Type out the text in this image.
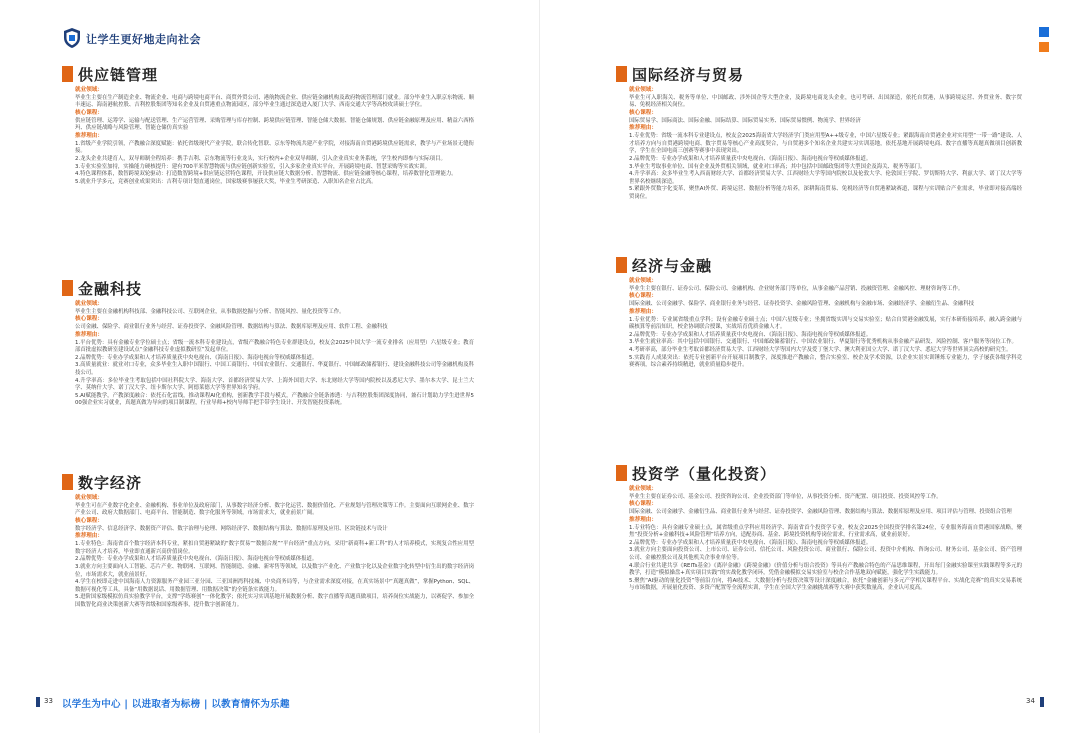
让学生更好地走向社会
供应链管理
就业领域：
毕业生主要在生产制造企业、物流企业、电商与跨境电商平台、商贸外贸公司、港航物流企业、供应链金融机构及政府物流管理部门就业。部分毕业生入职京东物流、顺丰速运、海南港航控股、吉利控股集团等知名企业及自贸港重点物流园区，部分毕业生通过深造进入厦门大学、西南交通大学等高校攻读硕士学位。
核心课程：
供应链管理、运筹学、运输与配送管理、生产运营管理、采购管理与库存控制、跨境供应链管理、智能仓储大数据、智能仓储规划、供应链金融原理及应用、精益六西格玛、供应链战略与风险管理、智能仓储仿真实验
推荐理由：
1.省级产业学院引领，产教融合深度赋能：依托省级现代产业学院，联合传化智联、京东等物流共建产业学院，对接海南自贸港跨境供应链需求，教学与产业场景无缝衔接。
2.龙头企业共建育人，双导师制全程培养：携手吉利、京东物流等行业龙头，实行校内+企业双导师制，引入企业真实业务系统，学生校内即参与实际项目。
3.专业实验室加持，实操能力硬核提升：建有700平米智慧物流与供应链创新实验室，引入多家企业真实平台，开展跨境电商、智慧采购等实战实训。
4.特色课程体系，数智跨境双轮驱动：打造数智跨境+供应链运营特色课程，开设供应链大数据分析、智慧物流、供应链金融等核心课程，培养数智化管理能力。
5.就业升学多元，竞赛创业成果突出：吉利专项计划直通岗位，国家级赛事屡获大奖，毕业生考研深造、入职知名企业占比高。
金融科技
就业领域：
毕业生主要在金融机构科技部、金融科技公司、互联网企业，从事数据挖掘与分析、智能风控、量化投资等工作。
核心课程：
公司金融、保险学、商业银行业务与经营、证券投资学、金融风险管理、数据结构与算法、数据库原理及应用、软件工程、金融科技
推荐理由：
1.平台优势：具有金融专业学位硕士点；省级一流本科专业建设点，省级产教融合特色专业群建设点，校友会2025中国大学一流专业排名（应用型）六星级专业；教育部首批虚拟教研室建设试点“金融科技专业虚拟教研室”发起单位。
2.品牌优势：专业办学成果和人才培养质量获中央电视台、《海南日报》、海南电视台等权威媒体报道。
3.高质量就业：就业对口专业，众多毕业生入职中国银行、中国工商银行、中国农业银行、交通银行、华夏银行、中国邮政储蓄银行、建设金融科技公司等金融机构及科技公司。
4.升学率高：多位毕业生考取包括中国社科院大学、海南大学、首都经济贸易大学、上海外国语大学、东北财经大学等国内院校以及悉尼大学、墨尔本大学、昆士兰大学、莫纳什大学、诺丁汉大学、纽卡斯尔大学、阿德莱德大学等世界知名学府。
5.AI赋能教学，产教深度融合：依托石化雷线，推动课程AI化重构，创新教学手段与模式，产教融合全链条渗透：与吉利控股集团深度协同，兼石计划助力学生进世界500强企业实习就业，真题真做为导向的项目制课程，行业导师+校内导师手把手带学生设计、开发智能投资系统。
数字经济
就业领域：
毕业生可在产业数字化企业、金融机构、事业单位及政府部门，从事数字经济分析、数字化运营、数据价值化、产业规划与管理决策等工作。主要面向互联网企业、数字产业公司、政府大数据部门、电商平台、智能制造、数字化服务等领域，市场需求大，就业前景广阔。
核心课程：
数字经济学、信息经济学、数据资产评估、数字治理与伦理、网络经济学、数据结构与算法、数据库原理及应用、区块链技术与设计
推荐理由：
1.专业特色：海南省首个数字经济本科专业，紧扣自贸港紧缺的“数字贸易”“数据合规”“平台经济”重点方向，采用“新商科+新工科”的人才培养模式，实现复合性应用型数字经济人才培养，毕业即直通新兴高价值岗位。
2.品牌优势：专业办学成果和人才培养质量获中央电视台、《海南日报》、海南电视台等权威媒体报道。
3.就业方向主要面向人工智能、芯片产业、物联网、互联网、智能制造、金融、新零售等领域，以及数字产业化、产业数字化以及企业数字化转型中衍生出的数字经济岗位，市场需求大，就业前景好。
4.学生在校即走进中国海南人力资源服务产业园三亚分园、三亚国洲湾科技城、中央商务局等，与企业需求深度对接，在真实场景中“真题真做”，掌握Python、SQL、数据可视化等工具，具备“用数据说话、用数据管理、用数据决策”的全链条实战能力。
5.进阶国家级模拟仿真实验教学平台，支撑“学练赛创”一体化教学；依托实习实训基地开展数据分析、数字直播等真题真做项目，培养岗位实战能力，以赛促学、参加全国数智化商业决策创新大赛等省级和国家级赛事，提升数字创新能力。
国际经济与贸易
就业领域：
毕业生可入职海关、税务等单位、中国邮政、涉外国企等大型企业，及跨境电商龙头企业，也可考研、出国深造，依托自贸港，从事跨境运营、外贸业务、数字贸易、免税经济相关岗位。
核心课程：
国际贸易学、国际商法、国际金融、国际结算、国际贸易实务、国际贸易惯例、物流学、世界经济
推荐理由：
1.专业优势：省级一流本科专业建设点，校友会2025海南省大学经济学门类应用型A++级专业，中国六星级专业；紧跟海南自贸港企业对实用型“一带一路”建设、人才培养方向与自贸港跨境电商、数字贸易等核心产业高度契合，与自贸港多个知名企业共建实习实训基地，依托基地开展跨境电商、数字直播等真题真做项目创新教学，学生在全国电商三创赛等赛事中表现突出。
2.品牌优势：专业办学成果和人才培养质量获中央电视台、《海南日报》、海南电视台等权威媒体报道。
3.毕业生考取事业单位、国有企业及外贸相关领域，就业对口率高；其中包括中国邮政集团等大型国企及海关、税务等部门。
4.升学率高：众多毕业生考入西南财经大学、首都经济贸易大学、江西财经大学等国内院校以及伦敦大学、伦敦国王学院、罗切斯特大学、利兹大学、诺丁汉大学等世界名校继续深造。
5.紧跟外贸数字化变革，聚焦AI外贸、跨境运营、数据分析等能力培养，深耕海南贸易、免税经济等自贸港紧缺赛道，课程与实训贴合产业需求，毕业即对接高端经贸岗位。
经济与金融
就业领域：
毕业生主要在银行、证券公司、保险公司、金融机构、企业财务部门等单位，从事金融产品营销、投融资管理、金融风控、理财咨询等工作。
核心课程：
国际金融、公司金融学、保险学、商业银行业务与经营、证券投资学、金融风险管理、金融机构与金融市场、金融经济学、金融衍生品、金融科技
推荐理由：
1.专业优势：专业属省级重点学科；设有金融专业硕士点；中国六星级专业；坐拥省级实训与交易实验室；贴合自贸港金融发展，实行本研衔接培养，融入跨金融与碳核算等前沿知识，校企协调联合授课，实战培育优质金融人才。
2.品牌优势：专业办学成果和人才培养质量获中央电视台、《海南日报》、海南电视台等权威媒体报道。
3.毕业生就业率高：其中包括中国银行、交通银行、中国邮政储蓄银行、中国农业银行、华夏银行等优秀机构从事金融产品研发、风险控制、客户服务等岗位工作。
4.考研率高，部分毕业生考取首都经济贸易大学、江西财经大学等国内大学及爱丁堡大学、澳大利亚国立大学、诺丁汉大学、悉尼大学等世界顶尖高校的研究生。
5.实践育人成果突出：依托专业创新平台开展项目制教学，深度推进产教融合，整合实验室、校企及学术资源，以企业实景实训锤炼专业能力，学子屡获各级学科竞赛赛项，综合素养持续精进，就业质量稳步提升。
投资学（量化投资）
就业领域：
毕业生主要在证券公司、基金公司、投资咨询公司、企业投资部门等单位，从事投资分析、资产配置、项目投资、投资风控等工作。
核心课程：
国际金融、公司金融学、金融衍生品、商业银行业务与经营、证券投资学、金融风险管理、数据结构与算法、数据库原理及应用、项目评估与管理、投资组合管理
推荐理由：
1.专业特色：具有金融专业硕士点，属省级重点学科应用经济学、海南省首个投资学专业，校友会2025全国投资学排名第24位，专业服务海南自贸港国家战略，聚焦“投资分析+金融科技+风险管理”培养方向，适配券商、基金、跨境投资机构等岗位需求，行业需求高，就业前景好。
2.品牌优势：专业办学成果和人才培养质量获中央电视台、《海南日报》、海南电视台等权威媒体报道。
3.就业方向主要面向投资公司、上市公司、证券公司、信托公司、风险投资公司、商业银行、保险公司、投资中介机构、咨询公司、财务公司、基金公司、资产管理公司、金融控股公司及其他机关企事业单位等。
4.联合行业共建共享《REITs基金》《离岸金融》《跨境金融》《价值分析与组合投资》等具有产教融合特色的产品思维课程，开出每门金融实验课至实践课程等多元的教学，打造“模拟操盘+真实项目实践”的实战化教学闭环，凭借金融模拟交易实验室与校企合作基地双向赋能，强化学生实践能力。
5.聚焦“AI驱动的量化投资”等前沿方向，将AI技术、大数据分析与投资决策等设计深度融合，依托“金融创新与多元产学相关课程平台、实战化竞赛”的真实交易系统与市场数据，开展量化投资、多资产配置等全流程实训，学生在全国大学生金融挑战赛等大赛中获奖数量高，企业认可度高。
33 以学生为中心 | 以进取者为标榜 | 以教育情怀为乐趣	34
